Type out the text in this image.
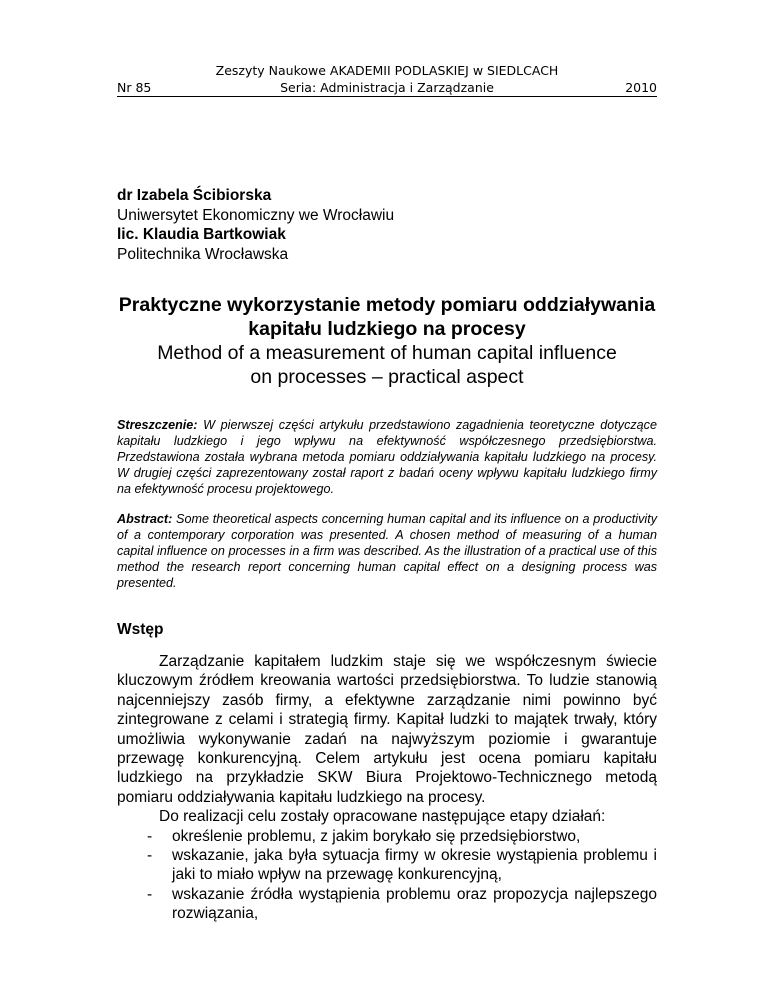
Nr 85
Zeszyty Naukowe AKADEMII PODLASKIEJ w SIEDLCACH
Seria: Administracja i Zarządzanie	2010
dr Izabela Ścibiorska
Uniwersytet Ekonomiczny we Wrocławiu
lic. Klaudia Bartkowiak
Politechnika Wrocławska
Praktyczne wykorzystanie metody pomiaru oddziaływania
kapitału ludzkiego na procesy
Method of a measurement of human capital influence
on processes – practical aspect
Streszczenie: W pierwszej części artykułu przedstawiono zagadnienia teoretyczne dotyczące kapitału ludzkiego i jego wpływu na efektywność współczesnego przedsiębiorstwa. Przedstawiona została wybrana metoda pomiaru oddziaływania kapitału ludzkiego na procesy. W drugiej części zaprezentowany został raport z badań oceny wpływu kapitału ludzkiego firmy na efektywność procesu projektowego.
Abstract: Some theoretical aspects concerning human capital and its influence on a productivity of a contemporary corporation was presented. A chosen method of measuring of a human capital influence on processes in a firm was described. As the illustration of a practical use of this method the research report concerning human capital effect on a designing process was presented.
Wstęp

Zarządzanie kapitałem ludzkim staje się we współczesnym świecie kluczowym źródłem kreowania wartości przedsiębiorstwa. To ludzie stanowią najcenniejszy zasób firmy, a efektywne zarządzanie nimi powinno być zintegrowane z celami i strategią firmy. Kapitał ludzki to majątek trwały, który umożliwia wykonywanie zadań na najwyższym poziomie i gwarantuje przewagę konkurencyjną. Celem artykułu jest ocena pomiaru kapitału ludzkiego na przykładzie SKW Biura Projektowo-Technicznego metodą pomiaru oddziaływania kapitału ludzkiego na procesy.

Do realizacji celu zostały opracowane następujące etapy działań:

- określenie problemu, z jakim borykało się przedsiębiorstwo,
- wskazanie, jaka była sytuacja firmy w okresie wystąpienia problemu i jaki to miało wpływ na przewagę konkurencyjną,
- wskazanie źródła wystąpienia problemu oraz propozycja najlepszego rozwiązania,
